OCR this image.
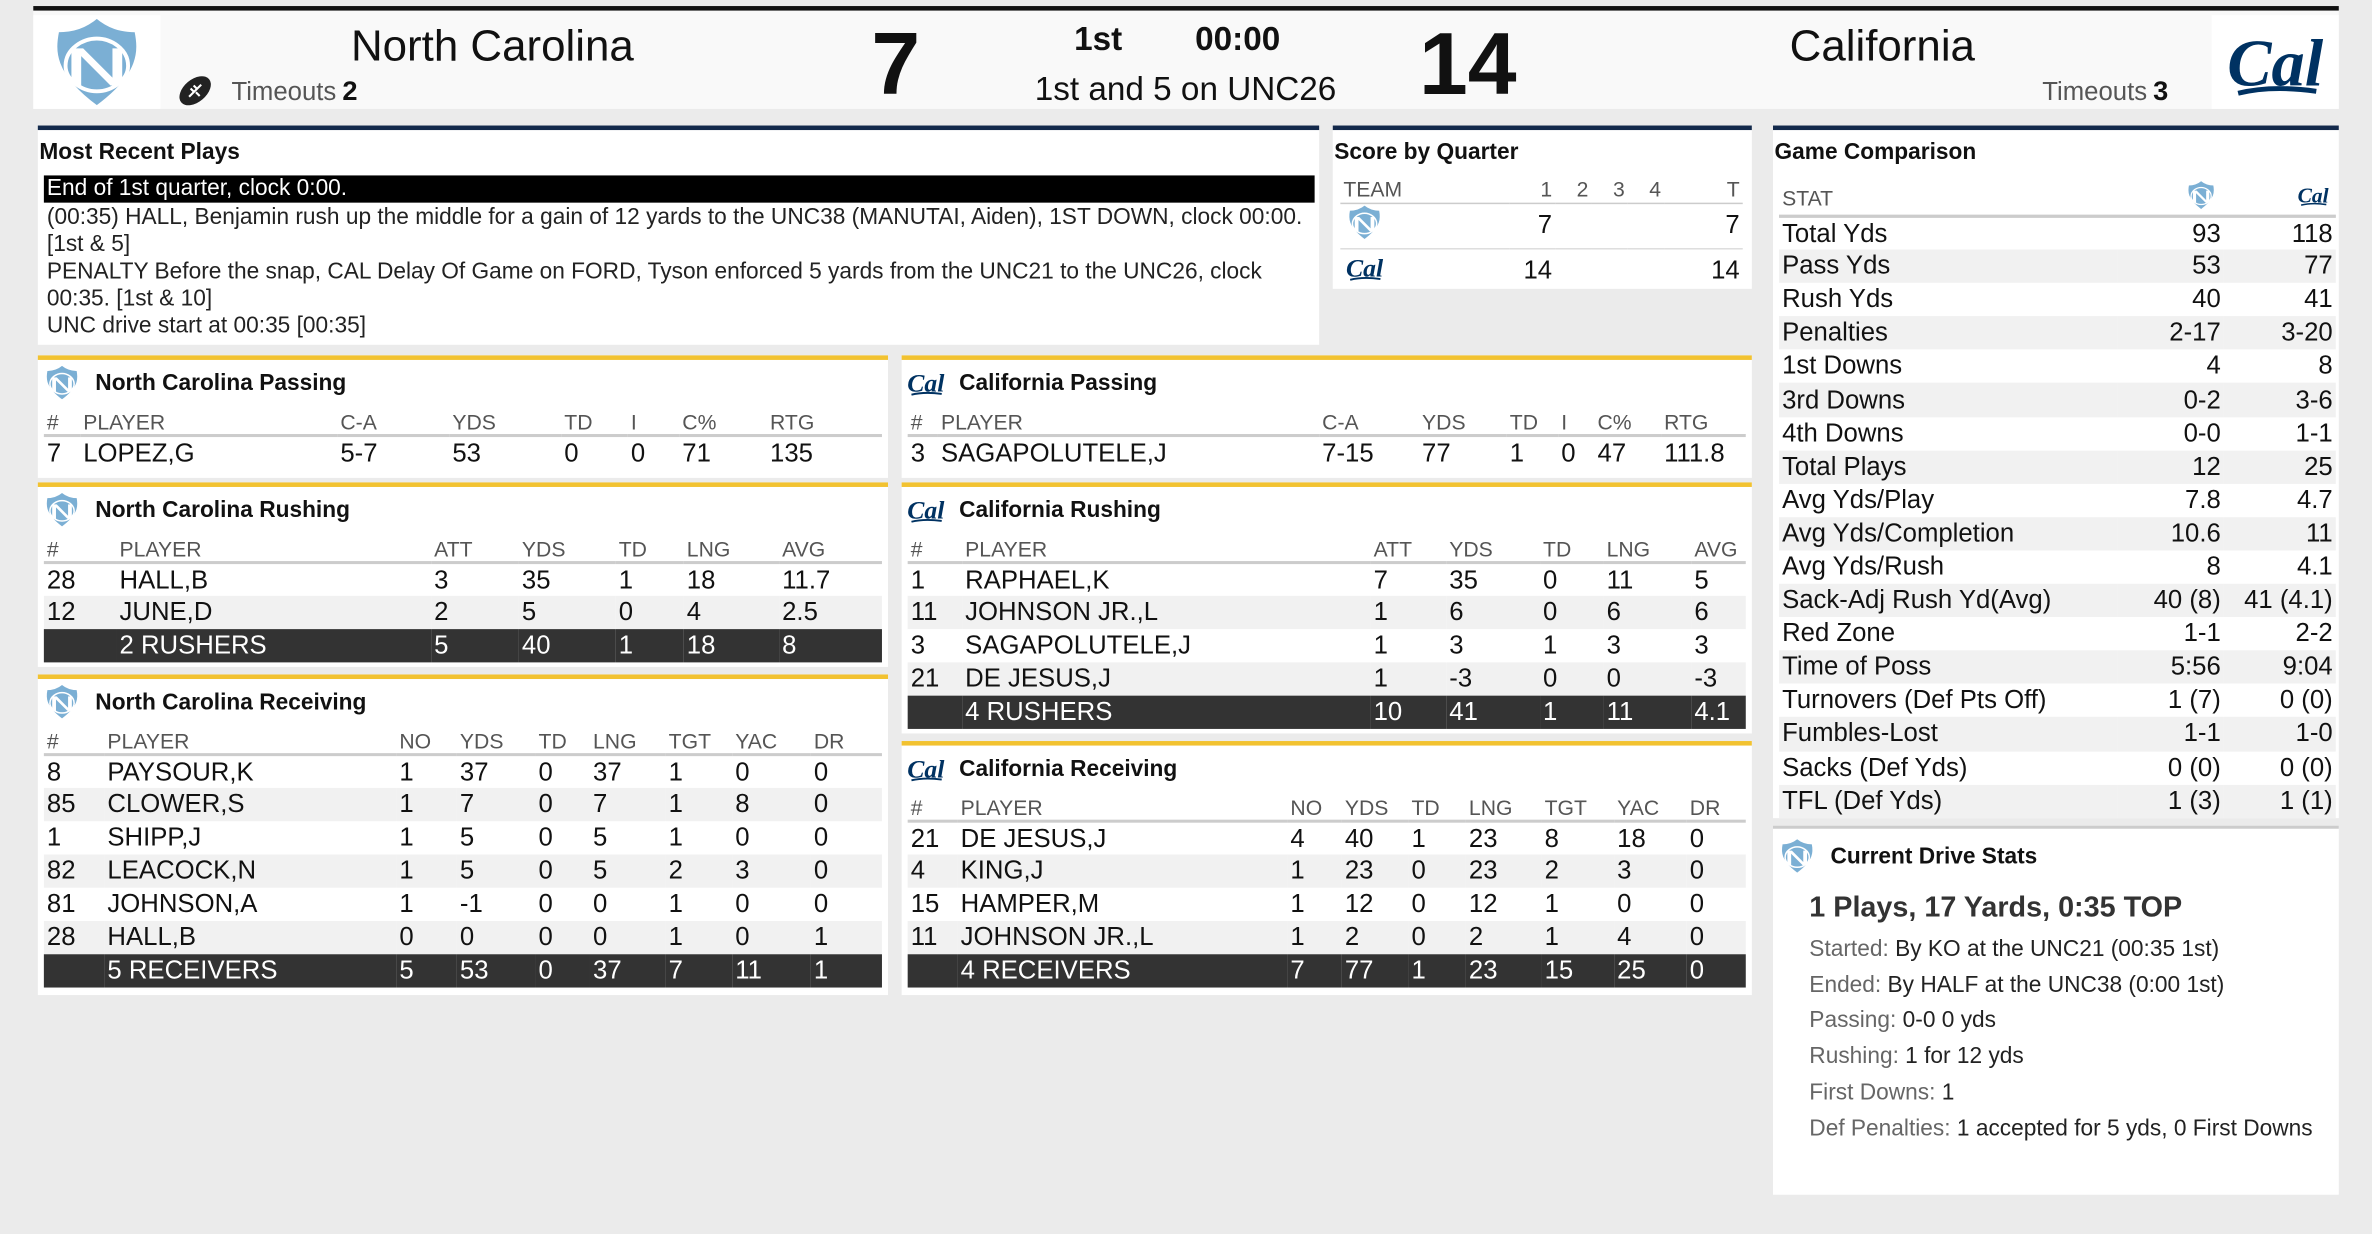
North Carolina
Timeouts 2	7	1st	00:00
1st and 5 on UNC26 14	California
Timeouts 3
Most Recent Plays
End of 1st quarter, clock 0:00.
(00:35) HALL, Benjamin rush up the middle for a gain of 12 yards to the UNC38 (MANUTAI, Aiden), 1ST DOWN, clock 00:00. [1st & 5]
PENALTY Before the snap, CAL Delay Of Game on FORD, Tyson enforced 5 yards from the UNC21 to the UNC26, clock 00:35. [1st & 10]
UNC drive start at 00:35 [00:35]
Score by Quarter
TEAM	1	2	3	4	T
	7				7
	14				14
North Carolina Passing
#	PLAYER	C-A	YDS	TD	I	C%	RTG
7	LOPEZ,G	5-7	53	0	0	71	135
California Passing
#	PLAYER	C-A	YDS	TD	I	C%	RTG
3	SAGAPOLUTELE,J	7-15	77	1	0	47	111.8
North Carolina Rushing
#	PLAYER	ATT	YDS	TD	LNG	AVG
28	HALL,B	3	35	1	18	11.7
12	JUNE,D	2	5	0	4	2.5
	2 RUSHERS	5	40	1	18	8
California Rushing
#	PLAYER	ATT	YDS	TD	LNG	AVG
1	RAPHAEL,K	7	35	0	11	5
11	JOHNSON JR.,L	1	6	0	6	6
3	SAGAPOLUTELE,J	1	3	1	3	3
21	DE JESUS,J	1	-3	0	0	-3
	4 RUSHERS	10	41	1	11	4.1
North Carolina Receiving
#	PLAYER	NO	YDS	TD	LNG	TGT	YAC	DR
8	PAYSOUR,K	1	37	0	37	1	0	0
85	CLOWER,S	1	7	0	7	1	8	0
1	SHIPP,J	1	5	0	5	1	0	0
82	LEACOCK,N	1	5	0	5	2	3	0
81	JOHNSON,A	1	-1	0	0	1	0	0
28	HALL,B	0	0	0	0	1	0	1
	5 RECEIVERS	5	53	0	37	7	11	1
California Receiving
#	PLAYER	NO	YDS	TD	LNG	TGT	YAC	DR
21	DE JESUS,J	4	40	1	23	8	18	0
4	KING,J	1	23	0	23	2	3	0
15	HAMPER,M	1	12	0	12	1	0	0
11	JOHNSON JR.,L	1	2	0	2	1	4	0
	4 RECEIVERS	7	77	1	23	15	25	0
Game Comparison
STAT		
Total Yds	93	118
Pass Yds	53	77
Rush Yds	40	41
Penalties	2-17	3-20
1st Downs	4	8
3rd Downs	0-2	3-6
4th Downs	0-0	1-1
Total Plays	12	25
Avg Yds/Play	7.8	4.7
Avg Yds/Completion	10.6	11
Avg Yds/Rush	8	4.1
Sack-Adj Rush Yd(Avg)	40 (8)	41 (4.1)
Red Zone	1-1	2-2
Time of Poss	5:56	9:04
Turnovers (Def Pts Off)	1 (7)	0 (0)
Fumbles-Lost	1-1	1-0
Sacks (Def Yds)	0 (0)	0 (0)
TFL (Def Yds)	1 (3)	1 (1)
Current Drive Stats
1 Plays, 17 Yards, 0:35 TOP

Started: By KO at the UNC21 (00:35 1st)

Ended: By HALF at the UNC38 (0:00 1st)

Passing: 0-0 0 yds

Rushing: 1 for 12 yds

First Downs: 1

Def Penalties: 1 accepted for 5 yds, 0 First Downs
